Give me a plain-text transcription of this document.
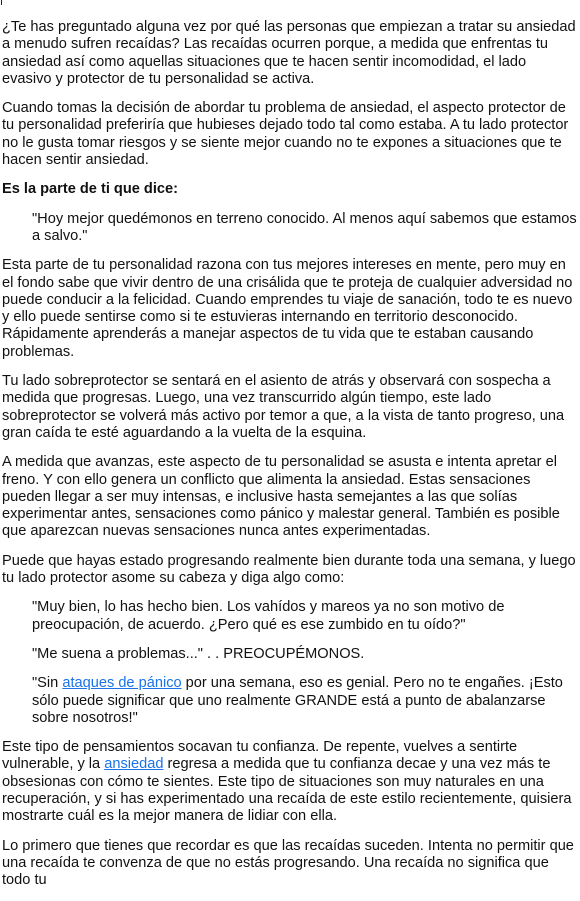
¿Te has preguntado alguna vez por qué las personas que empiezan a tratar su ansiedad a menudo sufren recaídas? Las recaídas ocurren porque, a medida que enfrentas tu ansiedad así como aquellas situaciones que te hacen sentir incomodidad, el lado evasivo y protector de tu personalidad se activa.

Cuando tomas la decisión de abordar tu problema de ansiedad, el aspecto protector de tu personalidad preferiría que hubieses dejado todo tal como estaba. A tu lado protector no le gusta tomar riesgos y se siente mejor cuando no te expones a situaciones que te hacen sentir ansiedad.

Es la parte de ti que dice:

"Hoy mejor quedémonos en terreno conocido. Al menos aquí sabemos que estamos a salvo."

Esta parte de tu personalidad razona con tus mejores intereses en mente, pero muy en el fondo sabe que vivir dentro de una crisálida que te proteja de cualquier adversidad no puede conducir a la felicidad. Cuando emprendes tu viaje de sanación, todo te es nuevo y ello puede sentirse como si te estuvieras internando en territorio desconocido. Rápidamente aprenderás a manejar aspectos de tu vida que te estaban causando problemas.

Tu lado sobreprotector se sentará en el asiento de atrás y observará con sospecha a medida que progresas. Luego, una vez transcurrido algún tiempo, este lado sobreprotector se volverá más activo por temor a que, a la vista de tanto progreso, una gran caída te esté aguardando a la vuelta de la esquina.

A medida que avanzas, este aspecto de tu personalidad se asusta e intenta apretar el freno. Y con ello genera un conflicto que alimenta la ansiedad. Estas sensaciones pueden llegar a ser muy intensas, e inclusive hasta semejantes a las que solías experimentar antes, sensaciones como pánico y malestar general. También es posible que aparezcan nuevas sensaciones nunca antes experimentadas.

Puede que hayas estado progresando realmente bien durante toda una semana, y luego tu lado protector asome su cabeza y diga algo como:

"Muy bien, lo has hecho bien. Los vahídos y mareos ya no son motivo de preocupación, de acuerdo. ¿Pero qué es ese zumbido en tu oído?"

"Me suena a problemas..." . . PREOCUPÉMONOS.

"Sin ataques de pánico por una semana, eso es genial. Pero no te engañes. ¡Esto sólo puede significar que uno realmente GRANDE está a punto de abalanzarse sobre nosotros!"

Este tipo de pensamientos socavan tu confianza. De repente, vuelves a sentirte vulnerable, y la ansiedad regresa a medida que tu confianza decae y una vez más te obsesionas con cómo te sientes. Este tipo de situaciones son muy naturales en una recuperación, y si has experimentado una recaída de este estilo recientemente, quisiera mostrarte cuál es la mejor manera de lidiar con ella.

Lo primero que tienes que recordar es que las recaídas suceden. Intenta no permitir que una recaída te convenza de que no estás progresando. Una recaída no significa que todo tu
